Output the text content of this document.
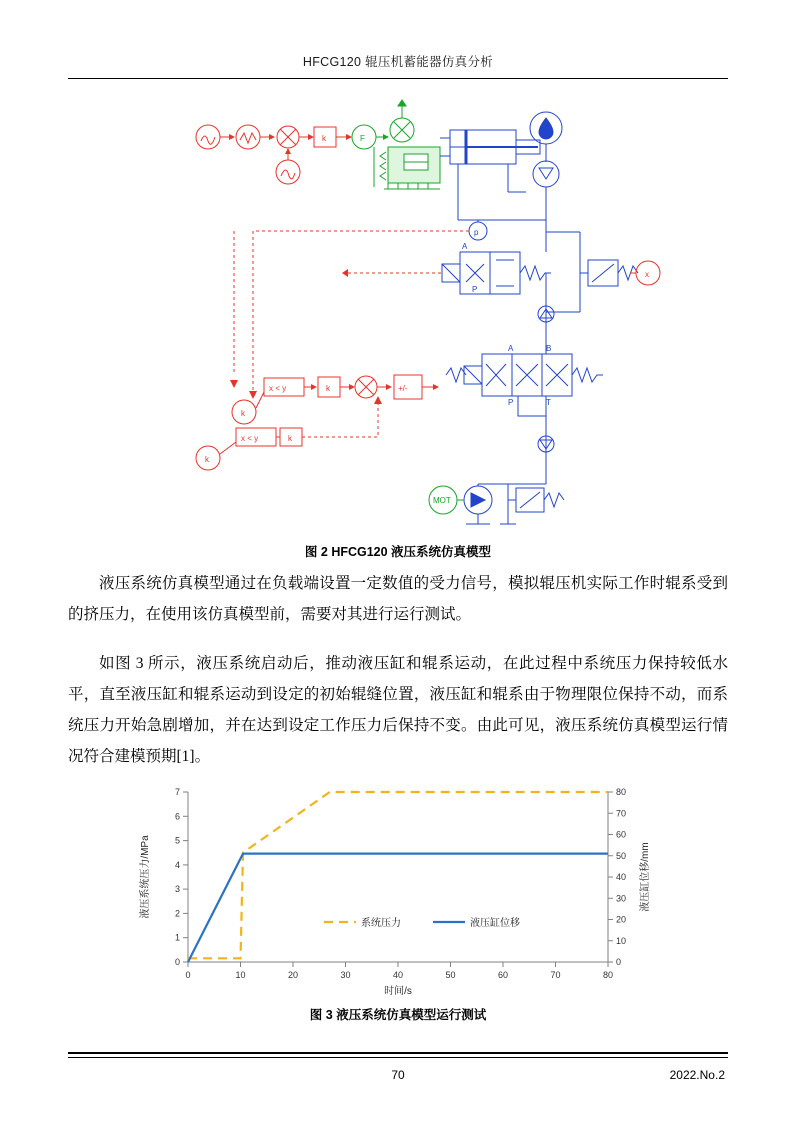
HFCG120 辊压机蓄能器仿真分析
k	F
p
A
P
x
A	B
P	T
x < y
k
k	+/-
x < y	k
k
MOT
图 2 HFCG120 液压系统仿真模型
液压系统仿真模型通过在负载端设置一定数值的受力信号，模拟辊压机实际工作时辊系受到的挤压力，在使用该仿真模型前，需要对其进行运行测试。
如图 3 所示，液压系统启动后，推动液压缸和辊系运动，在此过程中系统压力保持较低水平，直至液压缸和辊系运动到设定的初始辊缝位置，液压缸和辊系由于物理限位保持不动，而系统压力开始急剧增加，并在达到设定工作压力后保持不变。由此可见，液压系统仿真模型运行情况符合建模预期[1]。
0
1
2
3
4
5
6
7
0
10
20
30
40
50
60
70
80
0	10	20	30	40	50	60	70	80
时间/s
液压系统压力/MPa	液压缸位移/mm
系统压力	液压缸位移
图 3 液压系统仿真模型运行测试
70	2022.No.2
